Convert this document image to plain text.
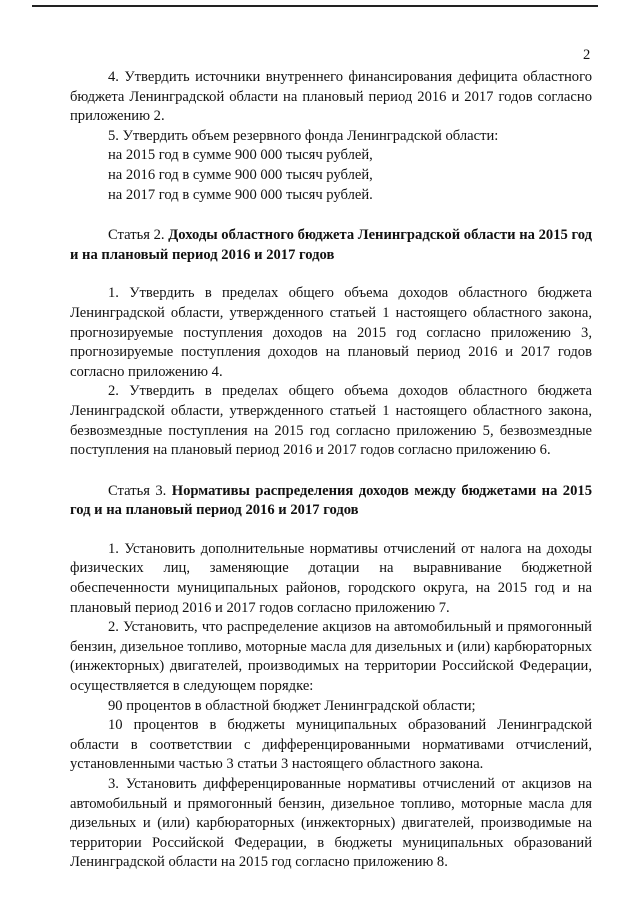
2

4. Утвердить источники внутреннего финансирования дефицита областного бюджета Ленинградской области на плановый период 2016 и 2017 годов согласно приложению 2.

5. Утвердить объем резервного фонда Ленинградской области:

на 2015 год в сумме 900 000 тысяч рублей,

на 2016 год в сумме 900 000 тысяч рублей,

на 2017 год в сумме 900 000 тысяч рублей.

Статья 2. Доходы областного бюджета Ленинградской области на 2015 год и на плановый период 2016 и 2017 годов

1. Утвердить в пределах общего объема доходов областного бюджета Ленинградской области, утвержденного статьей 1 настоящего областного закона, прогнозируемые поступления доходов на 2015 год согласно приложению 3, прогнозируемые поступления доходов на плановый период 2016 и 2017 годов согласно приложению 4.

2. Утвердить в пределах общего объема доходов областного бюджета Ленинградской области, утвержденного статьей 1 настоящего областного закона, безвозмездные поступления на 2015 год согласно приложению 5, безвозмездные поступления на плановый период 2016 и 2017 годов согласно приложению 6.

Статья 3. Нормативы распределения доходов между бюджетами на 2015 год и на плановый период 2016 и 2017 годов

1. Установить дополнительные нормативы отчислений от налога на доходы физических лиц, заменяющие дотации на выравнивание бюджетной обеспеченности муниципальных районов, городского округа, на 2015 год и на плановый период 2016 и 2017 годов согласно приложению 7.

2. Установить, что распределение акцизов на автомобильный и прямогонный бензин, дизельное топливо, моторные масла для дизельных и (или) карбюраторных (инжекторных) двигателей, производимых на территории Российской Федерации, осуществляется в следующем порядке:

90 процентов в областной бюджет Ленинградской области;

10 процентов в бюджеты муниципальных образований Ленинградской области в соответствии с дифференцированными нормативами отчислений, установленными частью 3 статьи 3 настоящего областного закона.

3. Установить дифференцированные нормативы отчислений от акцизов на автомобильный и прямогонный бензин, дизельное топливо, моторные масла для дизельных и (или) карбюраторных (инжекторных) двигателей, производимые на территории Российской Федерации, в бюджеты муниципальных образований Ленинградской области на 2015 год согласно приложению 8.
